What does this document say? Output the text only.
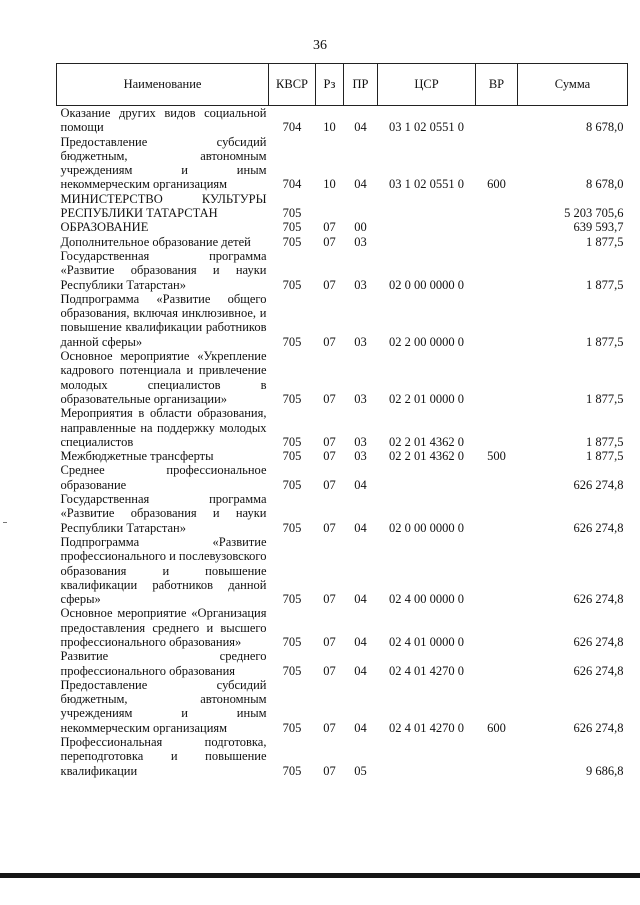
36
Наименование	КВСР	Рз	ПР	ЦСР	ВР	Сумма
Оказание других видов социальной помощи	704	10	04	03 1 02 0551 0		8 678,0
Предоставление субсидий бюджетным, автономным учреждениям и иным некоммерческим организациям	704	10	04	03 1 02 0551 0	600	8 678,0
МИНИСТЕРСТВО КУЛЬТУРЫ РЕСПУБЛИКИ ТАТАРСТАН	705					5 203 705,6
ОБРАЗОВАНИЕ	705	07	00			639 593,7
Дополнительное образование детей	705	07	03			1 877,5
Государственная программа «Развитие образования и науки Республики Татарстан»	705	07	03	02 0 00 0000 0		1 877,5
Подпрограмма «Развитие общего образования, включая инклюзивное, и повышение квалификации работников данной сферы»	705	07	03	02 2 00 0000 0		1 877,5
Основное мероприятие «Укрепление кадрового потенциала и привлечение молодых специалистов в образовательные организации»	705	07	03	02 2 01 0000 0		1 877,5
Мероприятия в области образования, направленные на поддержку молодых специалистов	705	07	03	02 2 01 4362 0		1 877,5
Межбюджетные трансферты	705	07	03	02 2 01 4362 0	500	1 877,5
Среднее профессиональное образование	705	07	04			626 274,8
Государственная программа «Развитие образования и науки Республики Татарстан»	705	07	04	02 0 00 0000 0		626 274,8
Подпрограмма «Развитие профессионального и послевузовского образования и повышение квалификации работников данной сферы»	705	07	04	02 4 00 0000 0		626 274,8
Основное мероприятие «Организация предоставления среднего и высшего профессионального образования»	705	07	04	02 4 01 0000 0		626 274,8
Развитие среднего профессионального образования	705	07	04	02 4 01 4270 0		626 274,8
Предоставление субсидий бюджетным, автономным учреждениям и иным некоммерческим организациям	705	07	04	02 4 01 4270 0	600	626 274,8
Профессиональная подготовка, переподготовка и повышение квалификации	705	07	05			9 686,8
